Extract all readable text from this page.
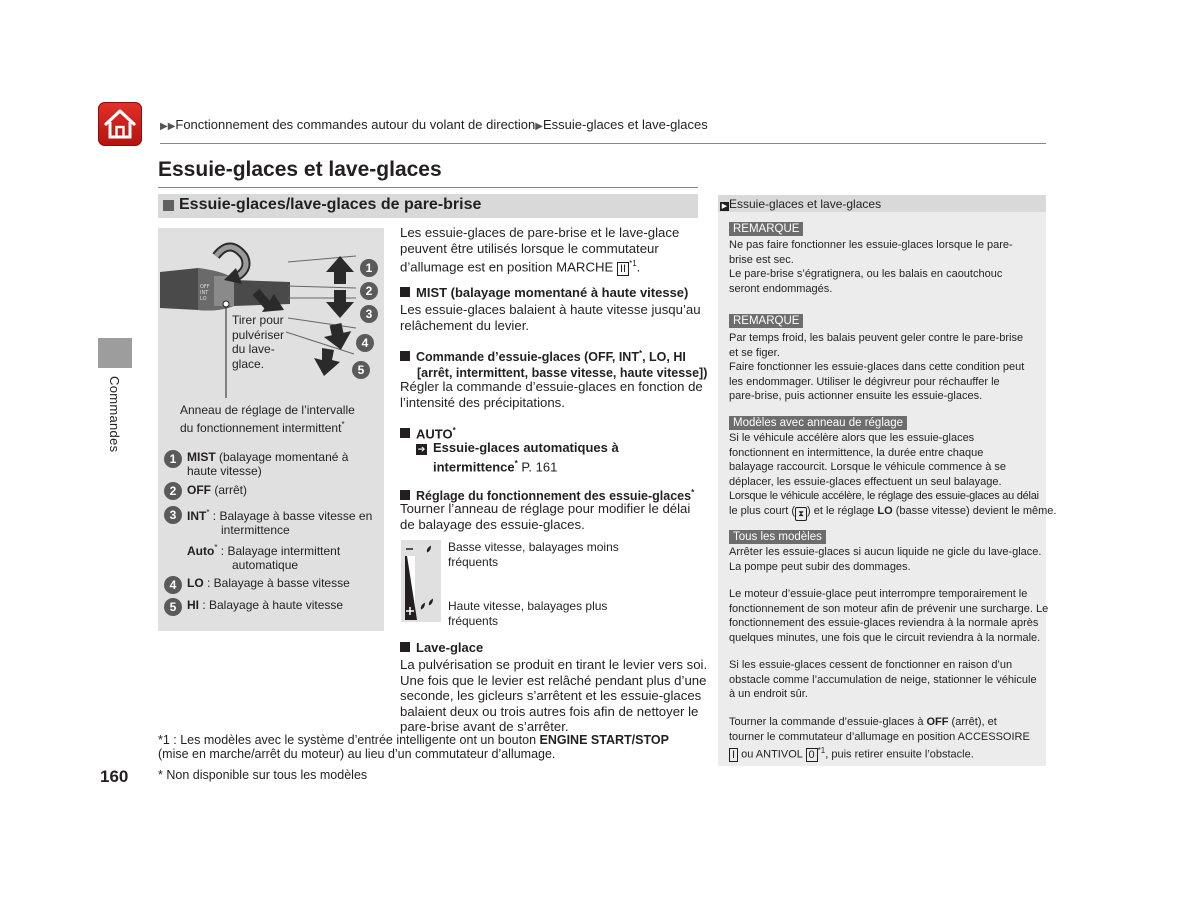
▶▶Fonctionnement des commandes autour du volant de direction▶Essuie-glaces et lave-glaces
Commandes
Essuie-glaces et lave-glaces
Essuie-glaces/lave-glaces de pare-brise
OFF
INT
LO
1
2
3
4
5
Tirer pour
pulvériser
du lave-
glace.
Anneau de réglage de l’intervalle
du fonctionnement intermittent*
1 MIST (balayage momentané à
haute vitesse)
2 OFF (arrêt)
3 INT* : Balayage à basse vitesse en
intermittence
Auto* : Balayage intermittent
automatique
4 LO : Balayage à basse vitesse
5 HI : Balayage à haute vitesse
Les essuie-glaces de pare-brise et le lave-glace
peuvent être utilisés lorsque le commutateur
d’allumage est en position MARCHE II $^{*1}$.
MIST (balayage momentané à haute vitesse)
Les essuie-glaces balaient à haute vitesse jusqu’au
relâchement du levier.
Commande d’essuie-glaces (OFF, INT*, LO, HI
[arrêt, intermittent, basse vitesse, haute vitesse])
Régler la commande d’essuie-glaces en fonction de
l’intensité des précipitations.
AUTO*
➔ Essuie-glaces automatiques à
intermittence* P. 161
Réglage du fonctionnement des essuie-glaces*
Tourner l’anneau de réglage pour modifier le délai
de balayage des essuie-glaces.
Basse vitesse, balayages moins
fréquents
Haute vitesse, balayages plus
fréquents
Lave-glace
La pulvérisation se produit en tirant le levier vers soi.
Une fois que le levier est relâché pendant plus d’une
seconde, les gicleurs s’arrêtent et les essuie-glaces
balaient deux ou trois autres fois afin de nettoyer le
pare-brise avant de s’arrêter.
*1 : Les modèles avec le système d’entrée intelligente ont un bouton ENGINE START/STOP
(mise en marche/arrêt du moteur) au lieu d’un commutateur d’allumage.
160 * Non disponible sur tous les modèles
▶ Essuie-glaces et lave-glaces
REMARQUE
Ne pas faire fonctionner les essuie-glaces lorsque le pare-
brise est sec.
Le pare-brise s’égratignera, ou les balais en caoutchouc
seront endommagés.
REMARQUE
Par temps froid, les balais peuvent geler contre le pare-brise
et se figer.
Faire fonctionner les essuie-glaces dans cette condition peut
les endommager. Utiliser le dégivreur pour réchauffer le
pare-brise, puis actionner ensuite les essuie-glaces.
Modèles avec anneau de réglage
Si le véhicule accélère alors que les essuie-glaces
fonctionnent en intermittence, la durée entre chaque
balayage raccourcit. Lorsque le véhicule commence à se
déplacer, les essuie-glaces effectuent un seul balayage.
Lorsque le véhicule accélère, le réglage des essuie-glaces au délai
le plus court ( ⧗ ) et le réglage LO (basse vitesse) devient le même.
Tous les modèles
Arrêter les essuie-glaces si aucun liquide ne gicle du lave-glace.
La pompe peut subir des dommages.
Le moteur d’essuie-glace peut interrompre temporairement le
fonctionnement de son moteur afin de prévenir une surcharge. Le
fonctionnement des essuie-glaces reviendra à la normale après
quelques minutes, une fois que le circuit reviendra à la normale.
Si les essuie-glaces cessent de fonctionner en raison d’un
obstacle comme l’accumulation de neige, stationner le véhicule
à un endroit sûr.
Tourner la commande d’essuie-glaces à OFF (arrêt), et
tourner le commutateur d’allumage en position ACCESSOIRE
I ou ANTIVOL 0 $^{*1}$, puis retirer ensuite l’obstacle.
